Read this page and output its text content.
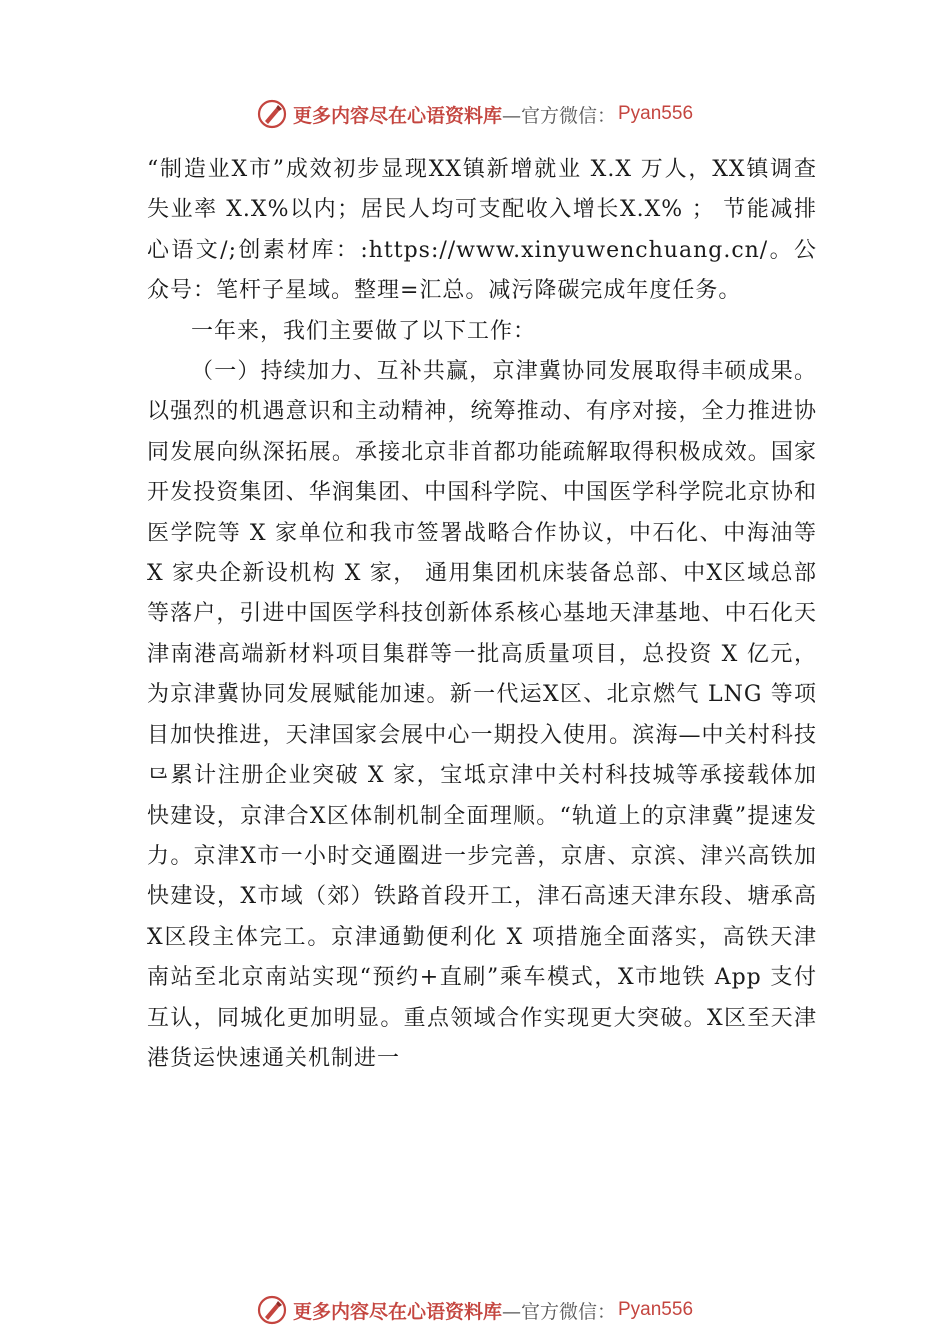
更多内容尽在心语资料库 —官方微信： Pyan556

“制造业X市”成效初步显现XX镇新增就业 X.X 万人，XX镇调查失业率 X.X%以内；居民人均可支配收入增长X.X% ； 节能减排心语文/;创素材库：:https://www.xinyuwenchuang.cn/。公众号：笔杆子星域。整理=汇总。减污降碳完成年度任务。

一年来，我们主要做了以下工作：

（一）持续加力、互补共赢，京津冀协同发展取得丰硕成果。以强烈的机遇意识和主动精神，统筹推动、有序对接，全力推进协同发展向纵深拓展。承接北京非首都功能疏解取得积极成效。国家开发投资集团、华润集团、中国科学院、中国医学科学院北京协和医学院等 X 家单位和我市签署战略合作协议，中石化、中海油等 X 家央企新设机构 X 家， 通用集团机床装备总部、中X区域总部等落户，引进中国医学科技创新体系核心基地天津基地、中石化天津南港高端新材料项目集群等一批高质量项目，总投资 X 亿元， 为京津冀协同发展赋能加速。新一代运X区、北京燃气 LNG 等项目加快推进，天津国家会展中心一期投入使用。滨海—中关村科技⺋累计注册企业突破 X 家，宝坻京津中关村科技城等承接载体加快建设，京津合X区体制机制全面理顺。“轨道上的京津冀”提速发力。京津X市一小时交通圈进一步完善，京唐、京滨、津兴高铁加快建设，X市域（郊）铁路首段开工，津石高速天津东段、塘承高X区段主体完工。京津通勤便利化 X 项措施全面落实，高铁天津南站至北京南站实现“预约+直刷”乘车模式，X市地铁 App 支付互认，同城化更加明显。重点领域合作实现更大突破。X区至天津港货运快速通关机制进一

更多内容尽在心语资料库 —官方微信： Pyan556
